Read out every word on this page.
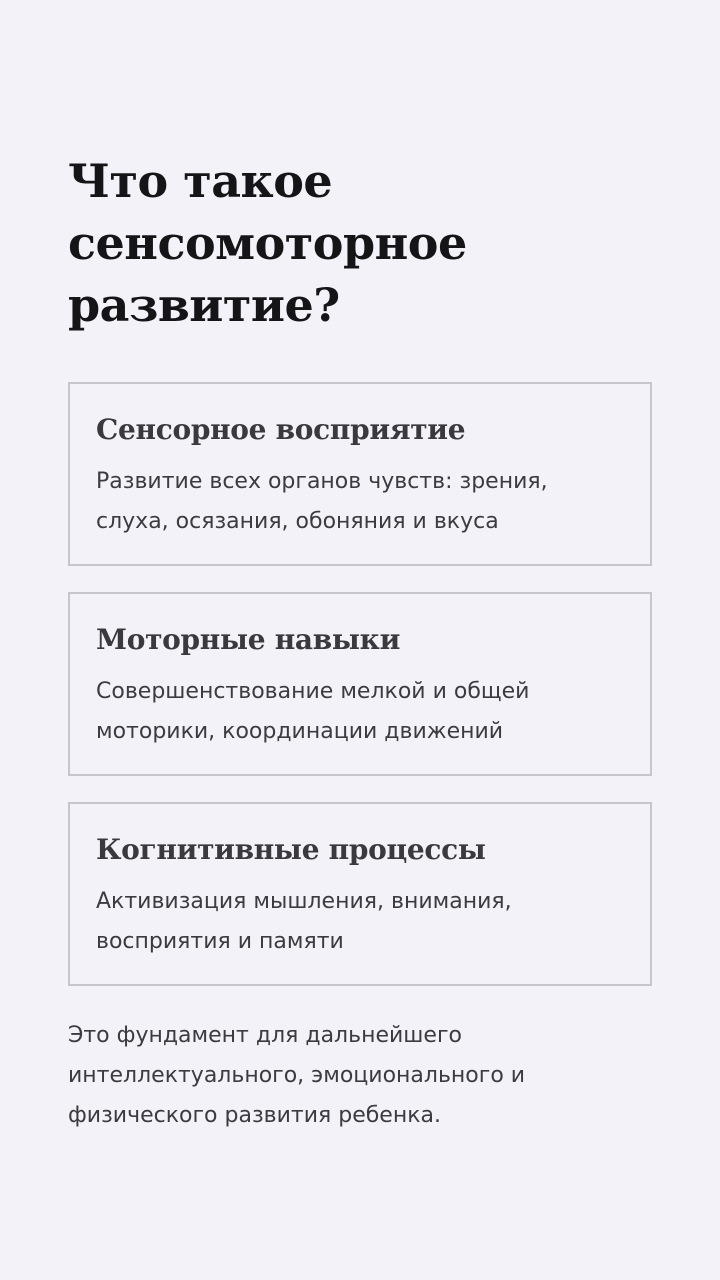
Что такое сенсомоторное развитие?
Сенсорное восприятие

Развитие всех органов чувств: зрения, слуха, осязания, обоняния и вкуса

Моторные навыки

Совершенствование мелкой и общей моторики, координации движений

Когнитивные процессы

Активизация мышления, внимания, восприятия и памяти

Это фундамент для дальнейшего интеллектуального, эмоционального и физического развития ребенка.
